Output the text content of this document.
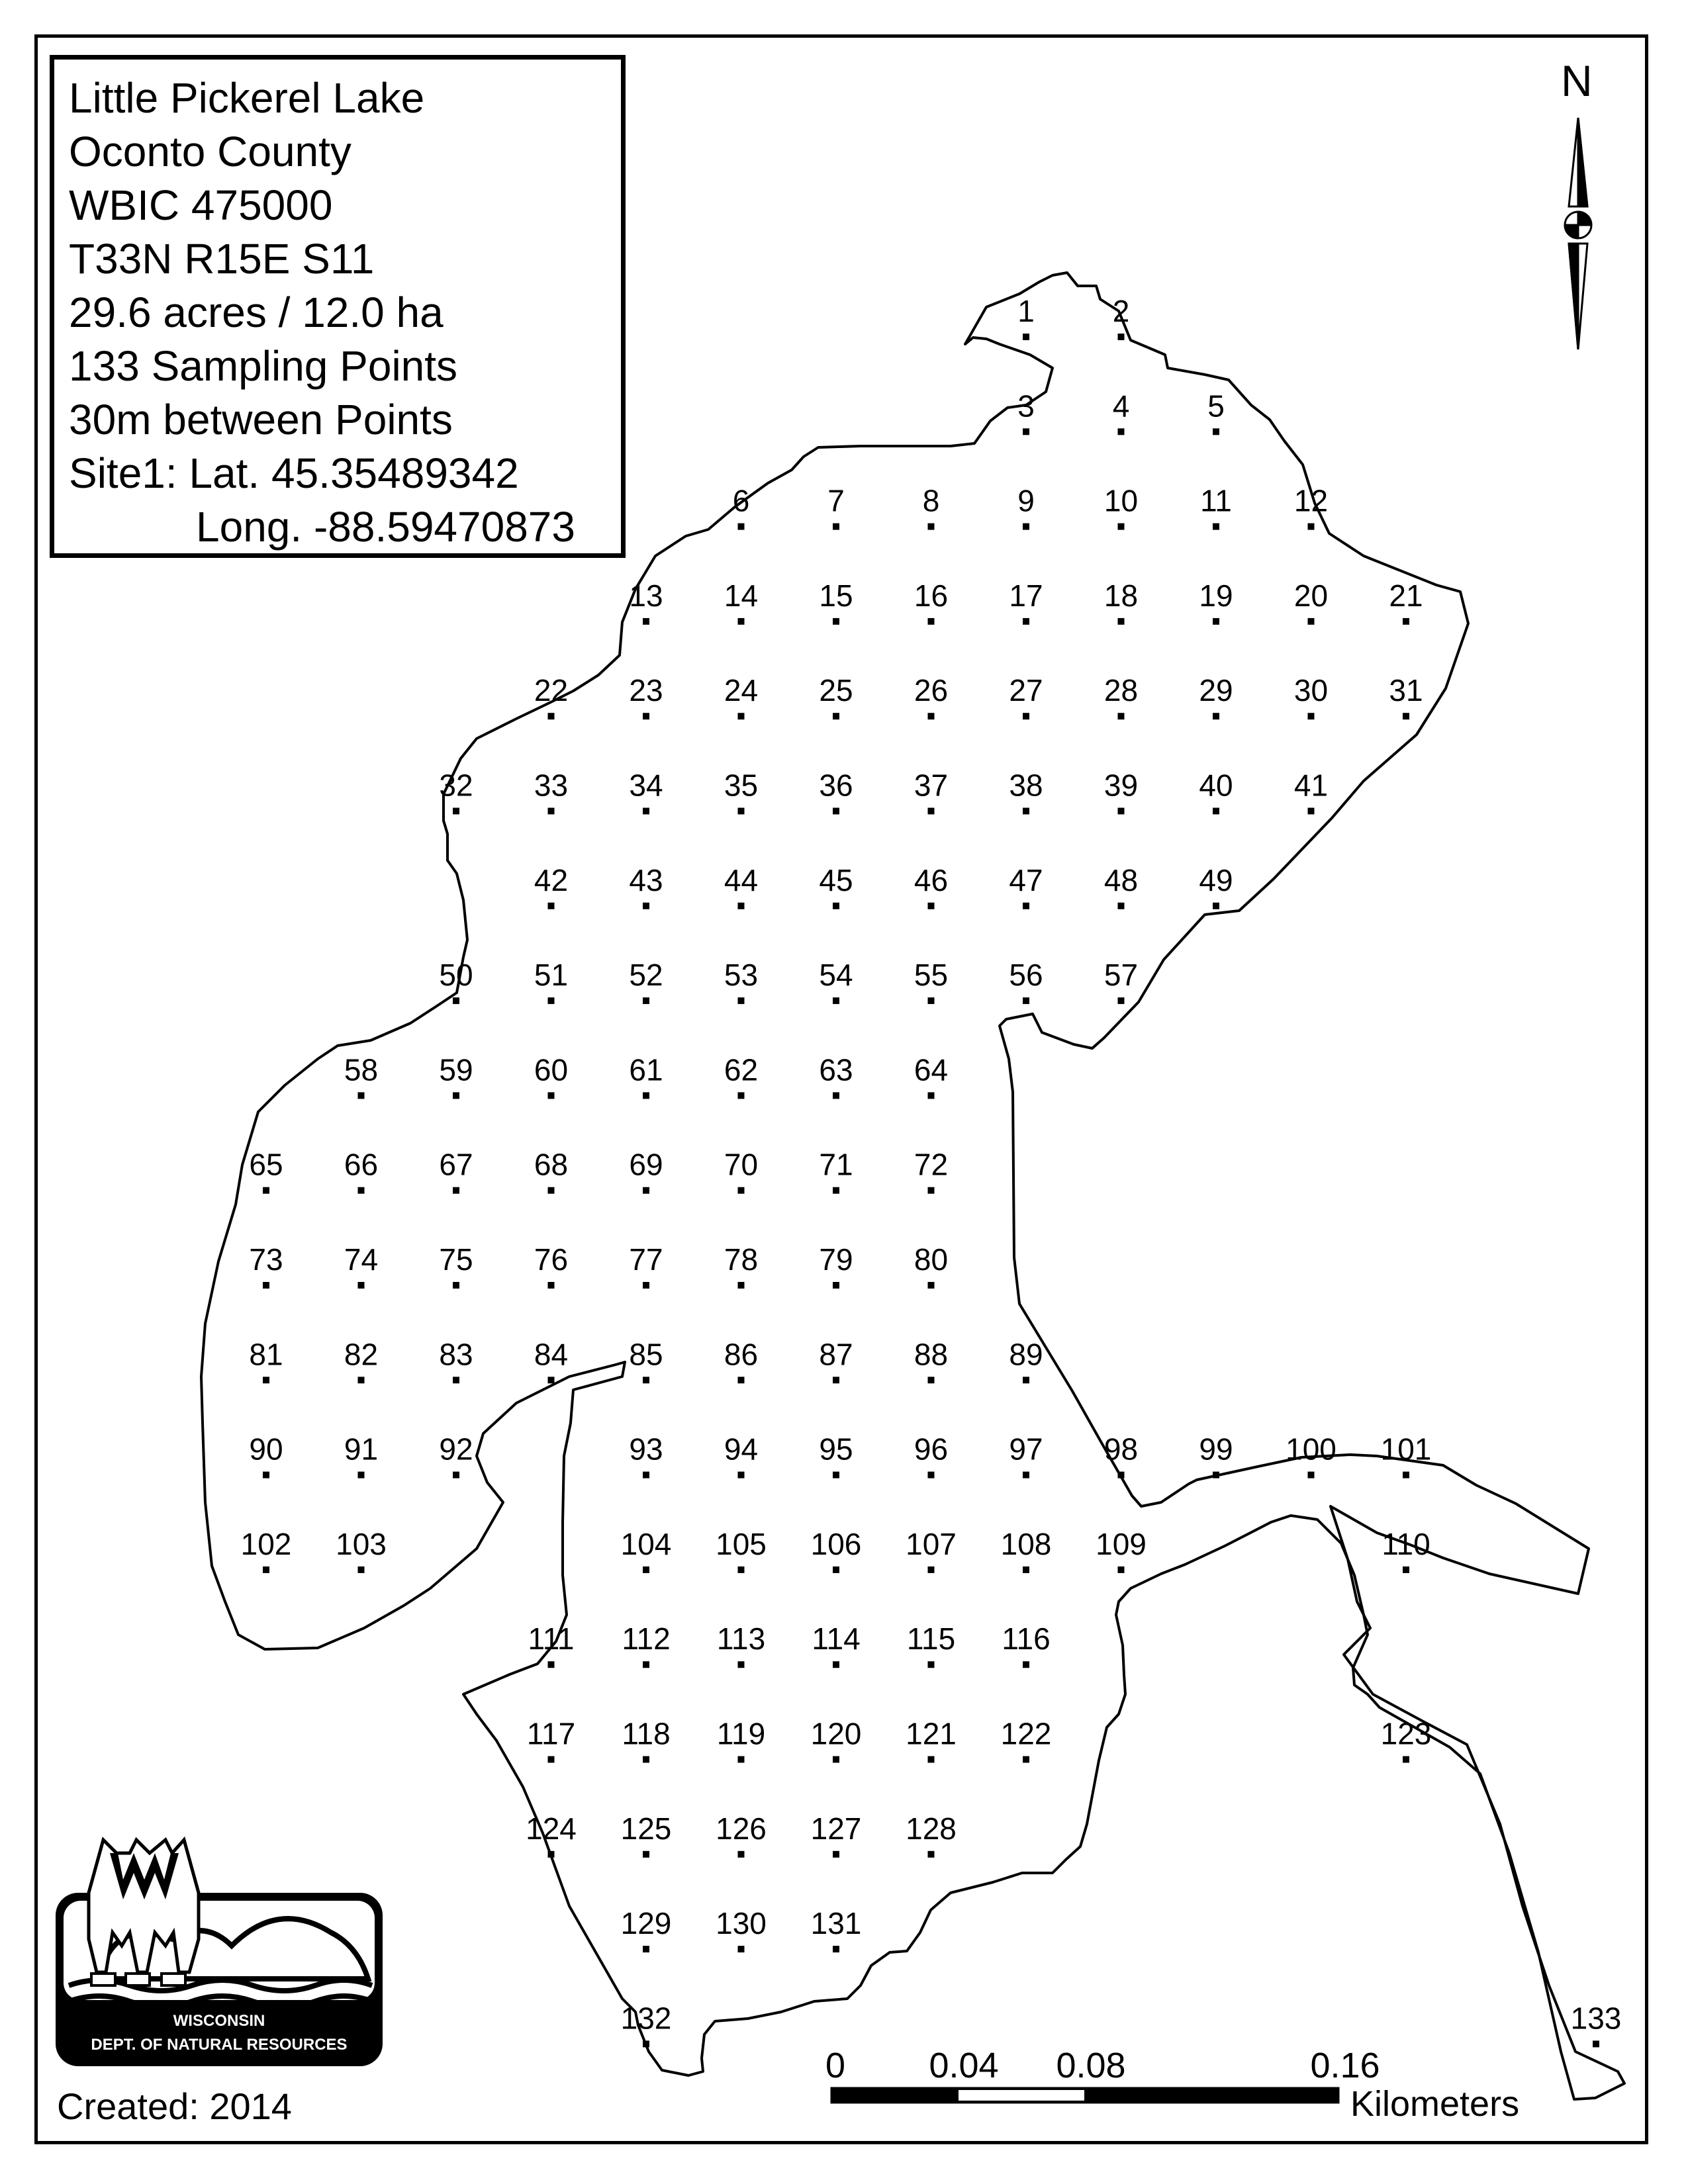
1	2
3	4	5
6	7	8	9 10 11 12
13 14 15 16 17 18 19 20 21
22 23 24 25 26 27 28 29 30 31
32 33 34 35 36 37 38 39 40 41
42 43 44 45 46 47 48 49
50 51 52 53 54 55 56 57
58 59 60 61 62 63 64
65 66 67 68 69 70 71 72
73 74 75 76 77 78 79 80
81 82 83 84 85 86 87 88 89
90 91 92	93 94 95 96 97 98 99 100 101
102 103	104 105 106 107 108 109	110
111 112 113 114 115 116
117 118 119 120 121 122	123
124 125 126 127 128
129 130 131
132	133
Little Pickerel Lake
Oconto County
WBIC 475000
T33N R15E S11
29.6 acres / 12.0 ha
133 Sampling Points
30m between Points
Site1: Lat. 45.35489342
Long. -88.59470873
N
0 0.04 0.08	0.16
Kilometers
WISCONSIN
DEPT. OF NATURAL RESOURCES
Created: 2014
